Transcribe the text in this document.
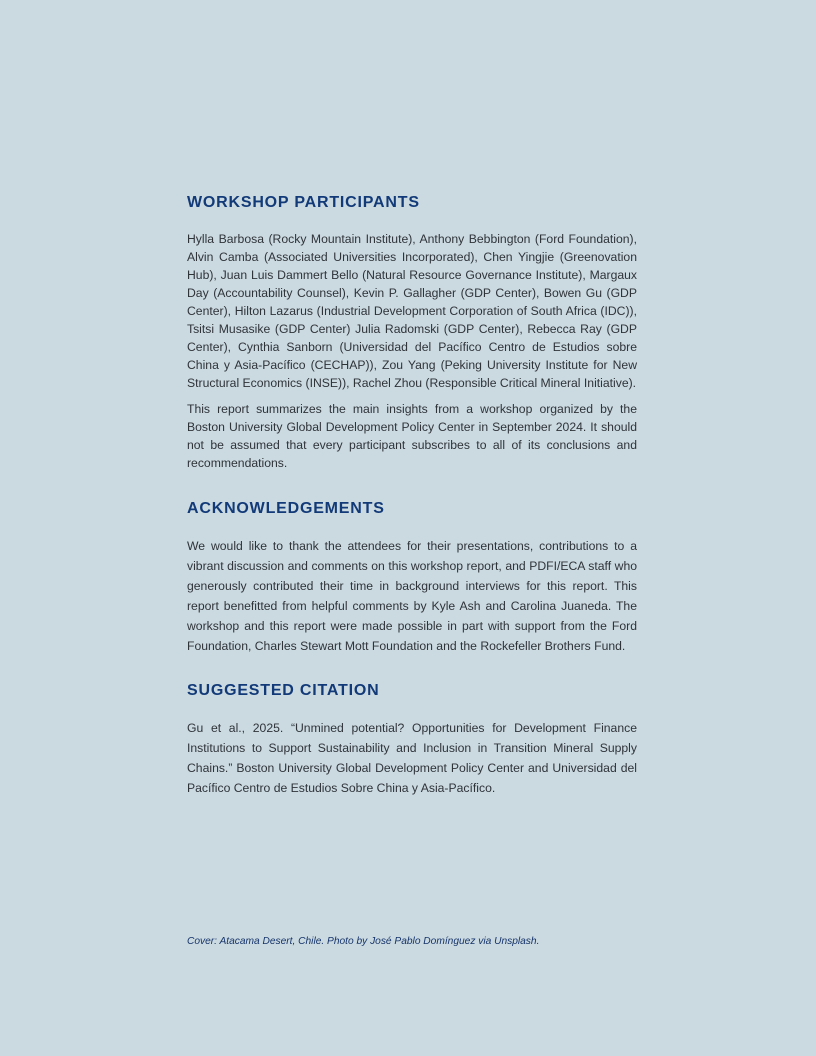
WORKSHOP PARTICIPANTS

Hylla Barbosa (Rocky Mountain Institute), Anthony Bebbington (Ford Foundation), Alvin Camba (Associated Universities Incorporated), Chen Yingjie (Greenovation Hub), Juan Luis Dammert Bello (Natural Resource Governance Institute), Margaux Day (Accountability Counsel), Kevin P. Gallagher (GDP Center), Bowen Gu (GDP Center), Hilton Lazarus (Industrial Development Corporation of South Africa (IDC)), Tsitsi Musasike (GDP Center) Julia Radomski (GDP Center), Rebecca Ray (GDP Center), Cynthia Sanborn (Universidad del Pacífico Centro de Estudios sobre China y Asia-Pacífico (CECHAP)), Zou Yang (Peking University Institute for New Structural Economics (INSE)), Rachel Zhou (Responsible Critical Mineral Initiative).

This report summarizes the main insights from a workshop organized by the Boston University Global Development Policy Center in September 2024. It should not be assumed that every participant subscribes to all of its conclusions and recommendations.

ACKNOWLEDGEMENTS

We would like to thank the attendees for their presentations, contributions to a vibrant discussion and comments on this workshop report, and PDFI/ECA staff who generously contributed their time in background interviews for this report. This report benefitted from helpful comments by Kyle Ash and Carolina Juaneda. The workshop and this report were made possible in part with support from the Ford Foundation, Charles Stewart Mott Foundation and the Rockefeller Brothers Fund.

SUGGESTED CITATION

Gu et al., 2025. “Unmined potential? Opportunities for Development Finance Institutions to Support Sustainability and Inclusion in Transition Mineral Supply Chains.” Boston University Global Development Policy Center and Universidad del Pacífico Centro de Estudios Sobre China y Asia-Pacífico.

Cover: Atacama Desert, Chile. Photo by José Pablo Domínguez via Unsplash.
